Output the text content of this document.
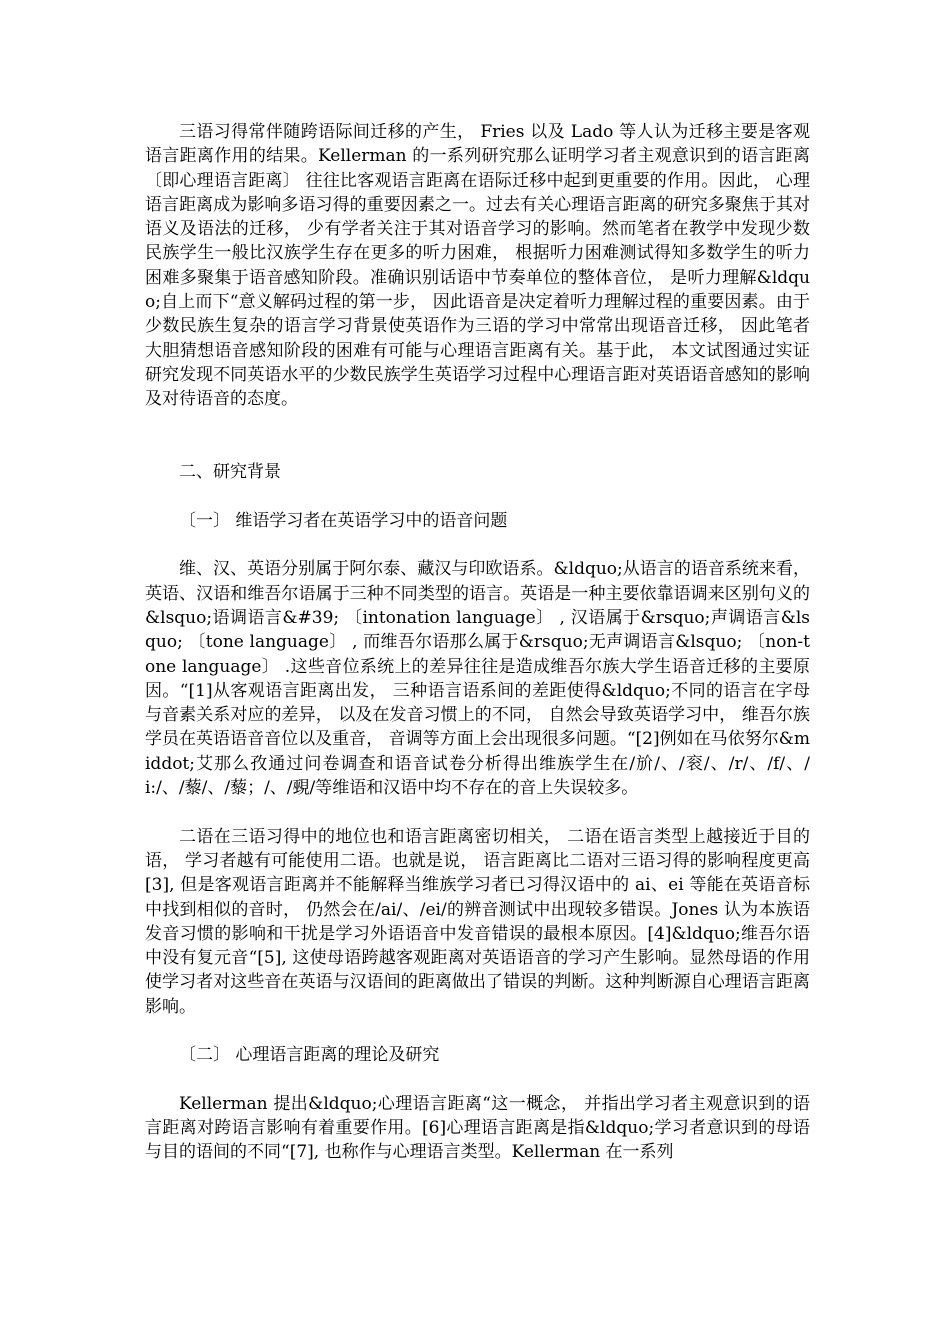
三语习得常伴随跨语际间迁移的产生， Fries 以及 Lado 等人认为迁移主要是客观语言距离作用的结果。Kellerman 的一系列研究那么证明学习者主观意识到的语言距离 〔即心理语言距离〕 往往比客观语言距离在语际迁移中起到更重要的作用。因此， 心理语言距离成为影响多语习得的重要因素之一。过去有关心理语言距离的研究多聚焦于其对语义及语法的迁移， 少有学者关注于其对语音学习的影响。然而笔者在教学中发现少数民族学生一般比汉族学生存在更多的听力困难， 根据听力困难测试得知多数学生的听力困难多聚集于语音感知阶段。准确识别话语中节奏单位的整体音位， 是听力理解&ldquo;自上而下“意义解码过程的第一步， 因此语音是决定着听力理解过程的重要因素。由于少数民族生复杂的语言学习背景使英语作为三语的学习中常常出现语音迁移， 因此笔者大胆猜想语音感知阶段的困难有可能与心理语言距离有关。基于此， 本文试图通过实证研究发现不同英语水平的少数民族学生英语学习过程中心理语言距对英语语音感知的影响及对待语音的态度。

二、研究背景

〔一〕 维语学习者在英语学习中的语音问题

维、汉、英语分别属于阿尔泰、藏汉与印欧语系。&ldquo;从语言的语音系统来看， 英语、汉语和维吾尔语属于三种不同类型的语言。英语是一种主要依靠语调来区别句义的&lsquo;语调语言&#39; 〔intonation language〕 , 汉语属于&rsquo;声调语言&lsquo; 〔tone language〕 , 而维吾尔语那么属于&rsquo;无声调语言&lsquo; 〔non-tone language〕 .这些音位系统上的差异往往是造成维吾尔族大学生语音迁移的主要原因。“[1]从客观语言距离出发， 三种语言语系间的差距使得&ldquo;不同的语言在字母与音素关系对应的差异， 以及在发音习惯上的不同， 自然会导致英语学习中， 维吾尔族学员在英语语音音位以及重音， 音调等方面上会出现很多问题。“[2]例如在马依努尔&middot;艾那么孜通过问卷调查和语音试卷分析得出维族学生在/斺/、/衮/、/r/、/f/、/i:/、/藜/、/藜；/、/覡/等维语和汉语中均不存在的音上失误较多。

二语在三语习得中的地位也和语言距离密切相关， 二语在语言类型上越接近于目的语， 学习者越有可能使用二语。也就是说， 语言距离比二语对三语习得的影响程度更高[3], 但是客观语言距离并不能解释当维族学习者已习得汉语中的 ai、ei 等能在英语音标中找到相似的音时， 仍然会在/ai/、/ei/的辨音测试中出现较多错误。Jones 认为本族语发音习惯的影响和干扰是学习外语语音中发音错误的最根本原因。[4]&ldquo;维吾尔语中没有复元音“[5], 这使母语跨越客观距离对英语语音的学习产生影响。显然母语的作用使学习者对这些音在英语与汉语间的距离做出了错误的判断。这种判断源自心理语言距离影响。

〔二〕 心理语言距离的理论及研究

Kellerman 提出&ldquo;心理语言距离“这一概念， 并指出学习者主观意识到的语言距离对跨语言影响有着重要作用。[6]心理语言距离是指&ldquo;学习者意识到的母语与目的语间的不同“[7], 也称作与心理语言类型。Kellerman 在一系列
